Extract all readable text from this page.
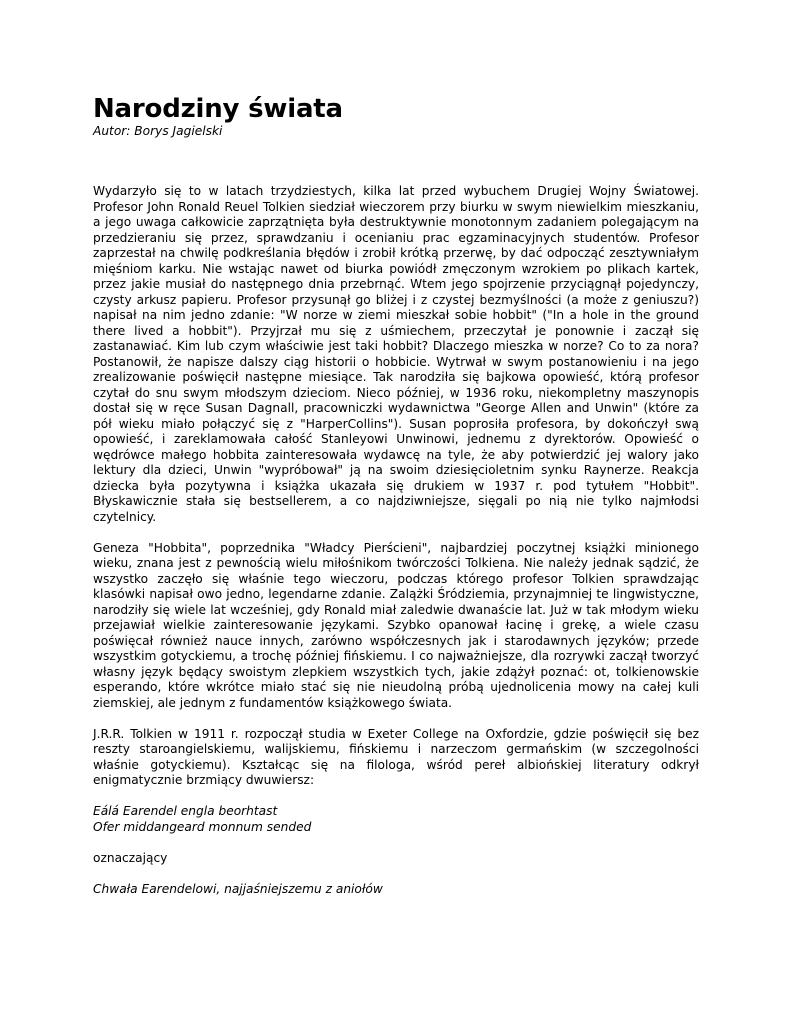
Narodziny świata

Autor: Borys Jagielski

Wydarzyło się to w latach trzydziestych, kilka lat przed wybuchem Drugiej Wojny Światowej. Profesor John Ronald Reuel Tolkien siedział wieczorem przy biurku w swym niewielkim mieszkaniu, a jego uwaga całkowicie zaprzątnięta była destruktywnie monotonnym zadaniem polegającym na przedzieraniu się przez, sprawdzaniu i ocenianiu prac egzaminacyjnych studentów. Profesor zaprzestał na chwilę podkreślania błędów i zrobił krótką przerwę, by dać odpocząć zesztywniałym mięśniom karku. Nie wstając nawet od biurka powiódł zmęczonym wzrokiem po plikach kartek, przez jakie musiał do następnego dnia przebrnąć. Wtem jego spojrzenie przyciągnął pojedynczy, czysty arkusz papieru. Profesor przysunął go bliżej i z czystej bezmyślności (a może z geniuszu?) napisał na nim jedno zdanie: "W norze w ziemi mieszkał sobie hobbit" ("In a hole in the ground there lived a hobbit"). Przyjrzał mu się z uśmiechem, przeczytał je ponownie i zaczął się zastanawiać. Kim lub czym właściwie jest taki hobbit? Dlaczego mieszka w norze? Co to za nora? Postanowił, że napisze dalszy ciąg historii o hobbicie. Wytrwał w swym postanowieniu i na jego zrealizowanie poświęcił następne miesiące. Tak narodziła się bajkowa opowieść, którą profesor czytał do snu swym młodszym dzieciom. Nieco później, w 1936 roku, niekompletny maszynopis dostał się w ręce Susan Dagnall, pracowniczki wydawnictwa "George Allen and Unwin" (które za pół wieku miało połączyć się z "HarperCollins"). Susan poprosiła profesora, by dokończył swą opowieść, i zareklamowała całość Stanleyowi Unwinowi, jednemu z dyrektorów. Opowieść o wędrówce małego hobbita zainteresowała wydawcę na tyle, że aby potwierdzić jej walory jako lektury dla dzieci, Unwin "wypróbował" ją na swoim dziesięcioletnim synku Raynerze. Reakcja dziecka była pozytywna i książka ukazała się drukiem w 1937 r. pod tytułem "Hobbit". Błyskawicznie stała się bestsellerem, a co najdziwniejsze, sięgali po nią nie tylko najmłodsi czytelnicy.

Geneza "Hobbita", poprzednika "Władcy Pierścieni", najbardziej poczytnej książki minionego wieku, znana jest z pewnością wielu miłośnikom twórczości Tolkiena. Nie należy jednak sądzić, że wszystko zaczęło się właśnie tego wieczoru, podczas którego profesor Tolkien sprawdzając klasówki napisał owo jedno, legendarne zdanie. Zalążki Śródziemia, przynajmniej te lingwistyczne, narodziły się wiele lat wcześniej, gdy Ronald miał zaledwie dwanaście lat. Już w tak młodym wieku przejawiał wielkie zainteresowanie językami. Szybko opanował łacinę i grekę, a wiele czasu poświęcał również nauce innych, zarówno współczesnych jak i starodawnych języków; przede wszystkim gotyckiemu, a trochę później fińskiemu. I co najważniejsze, dla rozrywki zaczął tworzyć własny język będący swoistym zlepkiem wszystkich tych, jakie zdążył poznać: ot, tolkienowskie esperando, które wkrótce miało stać się nie nieudolną próbą ujednolicenia mowy na całej kuli ziemskiej, ale jednym z fundamentów książkowego świata.

J.R.R. Tolkien w 1911 r. rozpoczął studia w Exeter College na Oxfordzie, gdzie poświęcił się bez reszty staroangielskiemu, walijskiemu, fińskiemu i narzeczom germańskim (w szczegolności właśnie gotyckiemu). Kształcąc się na filologa, wśród pereł albiońskiej literatury odkrył enigmatycznie brzmiący dwuwiersz:

Eálá Earendel engla beorhtast
Ofer middangeard monnum sended

oznaczający

Chwała Earendelowi, najjaśniejszemu z aniołów
